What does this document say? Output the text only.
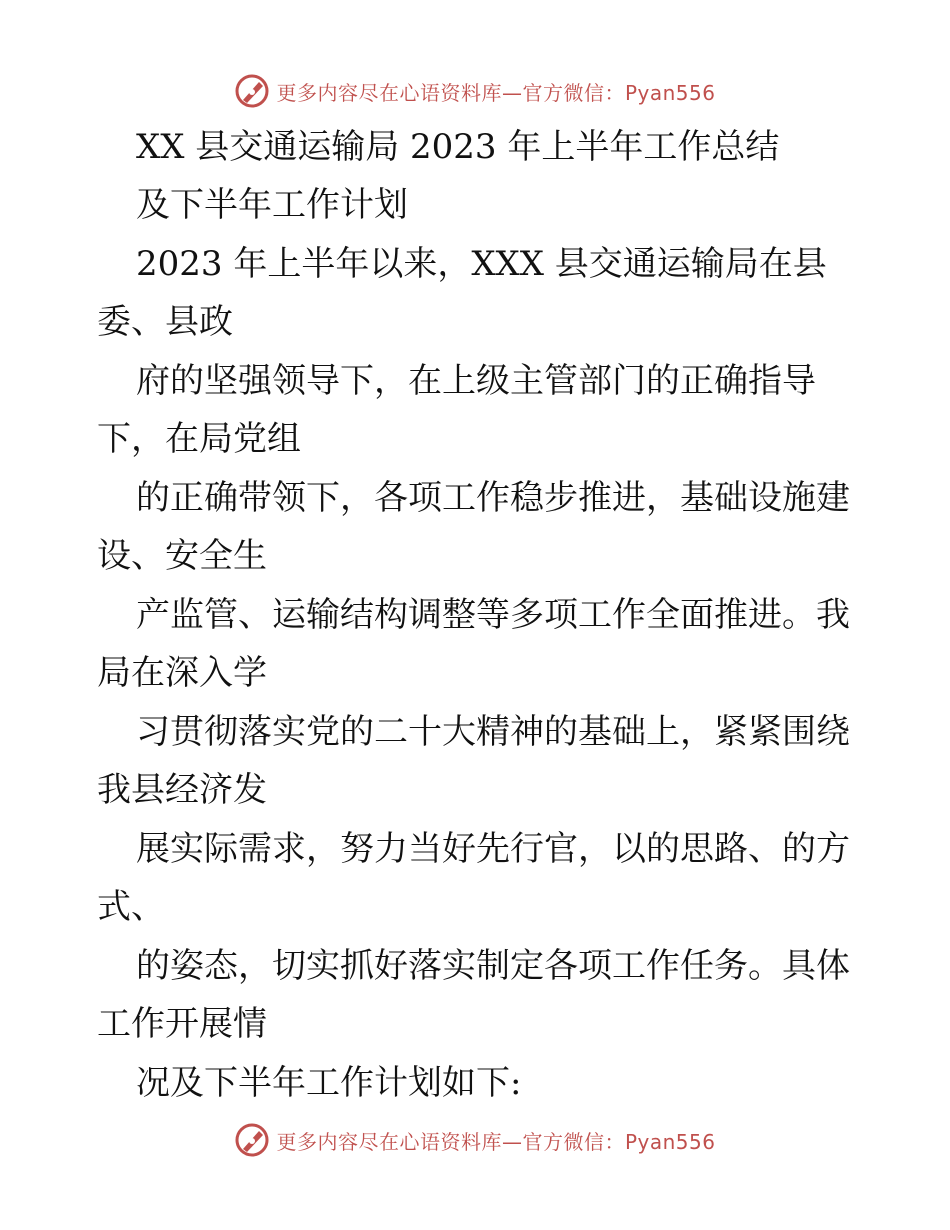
更多内容尽在心语资料库—官方微信：Pyan556
XX 县交通运输局 2023 年上半年工作总结
及下半年工作计划
2023 年上半年以来，XXX 县交通运输局在县
委、县政
府的坚强领导下，在上级主管部门的正确指导
下，在局党组
的正确带领下，各项工作稳步推进，基础设施建
设、安全生
产监管、运输结构调整等多项工作全面推进。我
局在深入学
习贯彻落实党的二十大精神的基础上，紧紧围绕
我县经济发
展实际需求，努力当好先行官，以的思路、的方
式、
的姿态，切实抓好落实制定各项工作任务。具体
工作开展情
况及下半年工作计划如下:
更多内容尽在心语资料库—官方微信：Pyan556
